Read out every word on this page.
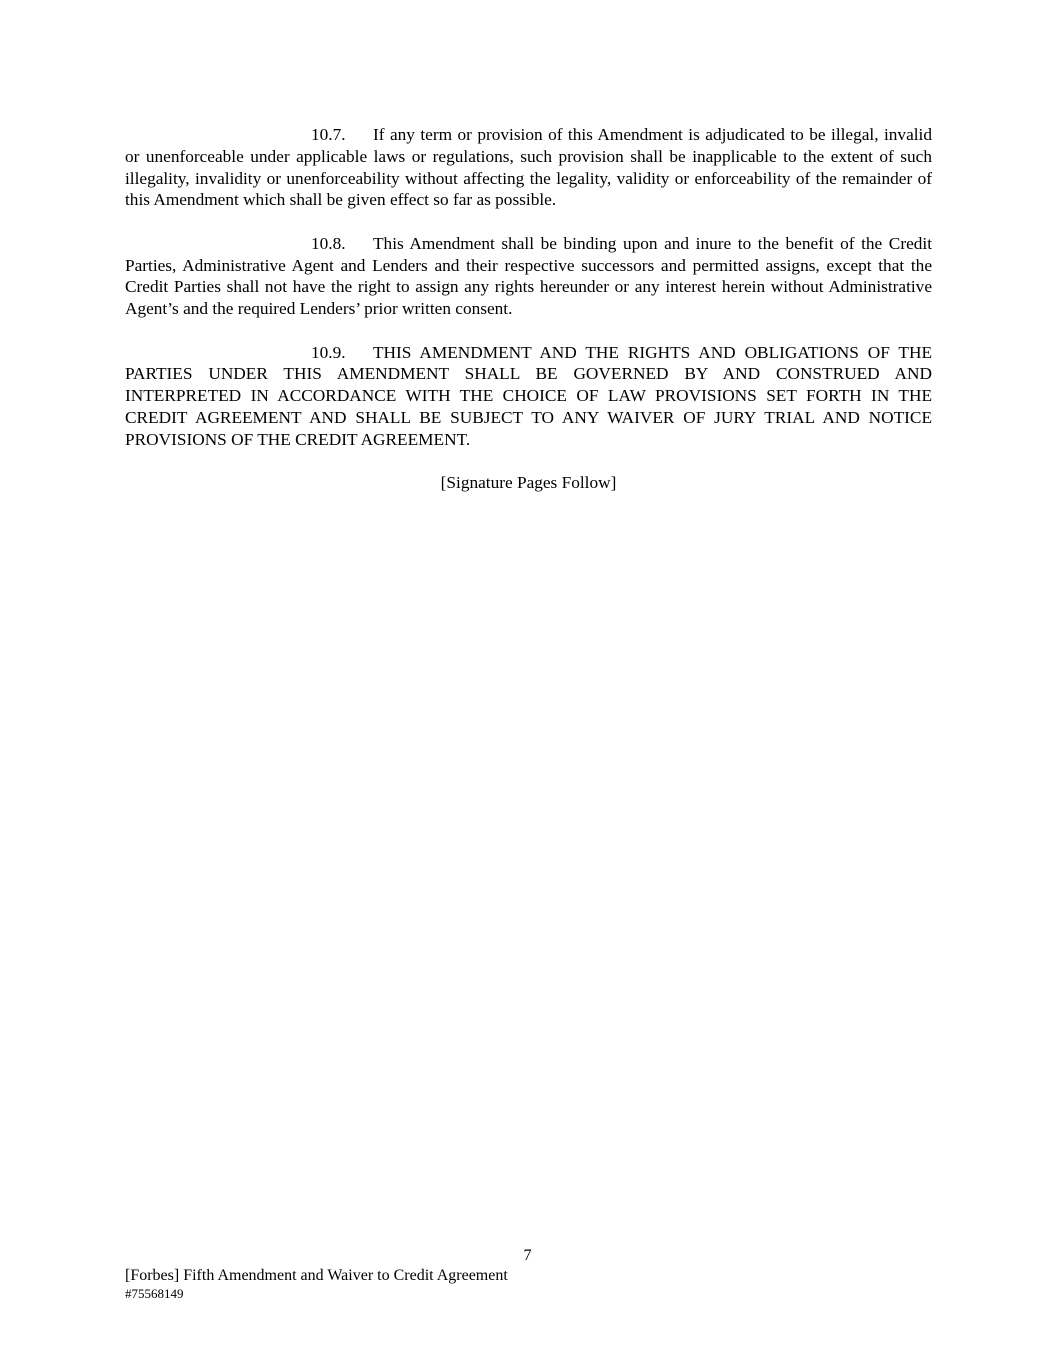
10.7. If any term or provision of this Amendment is adjudicated to be illegal, invalid or unenforceable under applicable laws or regulations, such provision shall be inapplicable to the extent of such illegality, invalidity or unenforceability without affecting the legality, validity or enforceability of the remainder of this Amendment which shall be given effect so far as possible.

10.8. This Amendment shall be binding upon and inure to the benefit of the Credit Parties, Administrative Agent and Lenders and their respective successors and permitted assigns, except that the Credit Parties shall not have the right to assign any rights hereunder or any interest herein without Administrative Agent’s and the required Lenders’ prior written consent.

10.9. THIS AMENDMENT AND THE RIGHTS AND OBLIGATIONS OF THE PARTIES UNDER THIS AMENDMENT SHALL BE GOVERNED BY AND CONSTRUED AND INTERPRETED IN ACCORDANCE WITH THE CHOICE OF LAW PROVISIONS SET FORTH IN THE CREDIT AGREEMENT AND SHALL BE SUBJECT TO ANY WAIVER OF JURY TRIAL AND NOTICE PROVISIONS OF THE CREDIT AGREEMENT.

[Signature Pages Follow]

7
[Forbes] Fifth Amendment and Waiver to Credit Agreement
#75568149
